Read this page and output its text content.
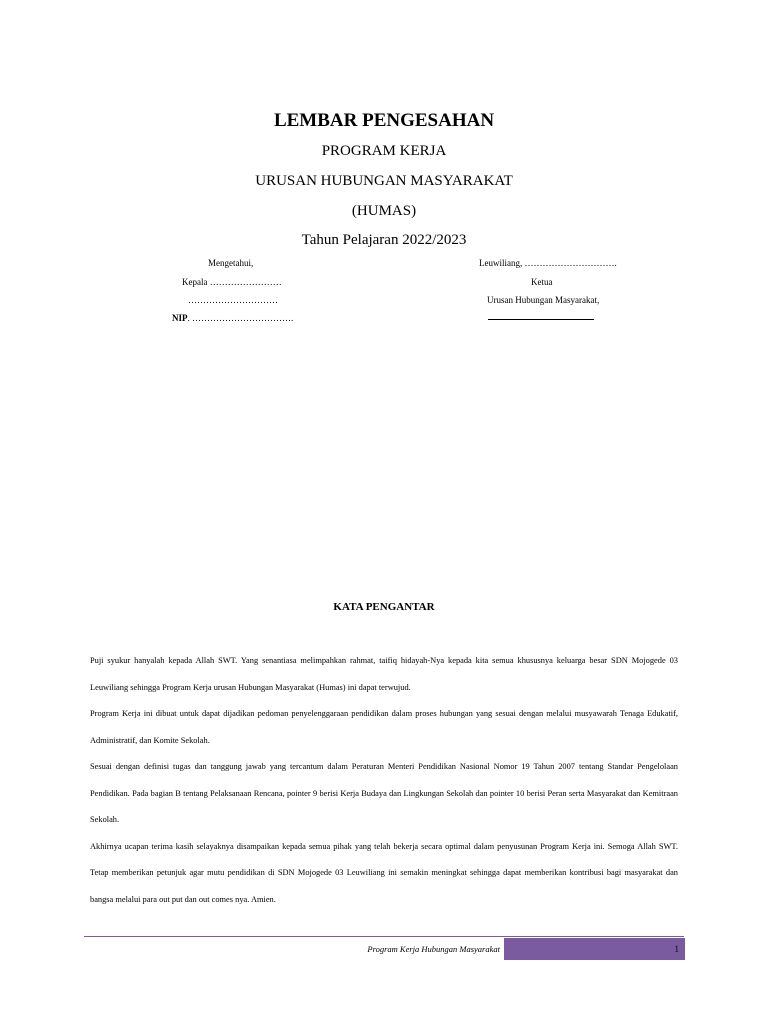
LEMBAR PENGESAHAN
PROGRAM KERJA
URUSAN HUBUNGAN MASYARAKAT
(HUMAS)
Tahun Pelajaran 2022/2023
Mengetahui,
Kepala ……………………
…………………………
NIP. …………………………….
Leuwiliang, ………………………….
Ketua
Urusan Hubungan Masyarakat,
KATA PENGANTAR

Puji syukur hanyalah kepada Allah SWT. Yang senantiasa melimpahkan rahmat, taifiq hidayah-Nya kepada kita semua khususnya keluarga besar SDN Mojogede 03 Leuwiliang sehingga Program Kerja urusan Hubungan Masyarakat (Humas) ini dapat terwujud.

Program Kerja ini dibuat untuk dapat dijadikan pedoman penyelenggaraan pendidikan dalam proses hubungan yang sesuai dengan melalui musyawarah Tenaga Edukatif, Administratif, dan Komite Sekolah.

Sesuai dengan definisi tugas dan tanggung jawab yang tercantum dalam Peraturan Menteri Pendidikan Nasional Nomor 19 Tahun 2007 tentang Standar Pengelolaan Pendidikan. Pada bagian B tentang Pelaksanaan Rencana, pointer 9 berisi Kerja Budaya dan Lingkungan Sekolah dan pointer 10 berisi Peran serta Masyarakat dan Kemitraan Sekolah.

Akhirnya ucapan terima kasih selayaknya disampaikan kepada semua pihak yang telah bekerja secara optimal dalam penyusunan Program Kerja ini. Semoga Allah SWT. Tetap memberikan petunjuk agar mutu pendidikan di SDN Mojogede 03 Leuwiliang ini semakin meningkat sehingga dapat memberikan kontribusi bagi masyarakat dan bangsa melalui para out put dan out comes nya. Amien.

Program Kerja Hubungan Masyarakat	1
